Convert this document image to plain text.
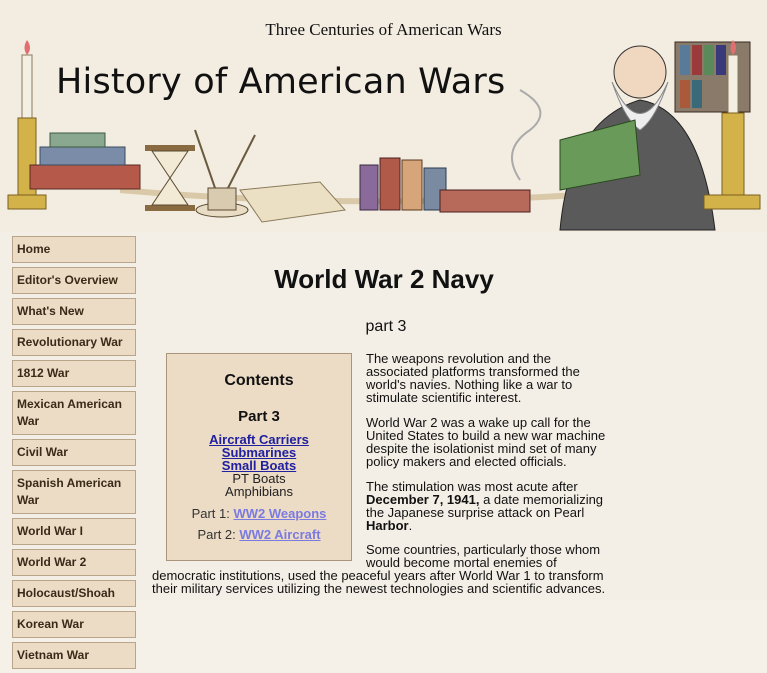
Three Centuries of American Wars
History of American Wars
Home
Editor's Overview
What's New
Revolutionary War
1812 War
Mexican American War
Civil War
Spanish American War
World War I
World War 2
Holocaust/Shoah
Korean War
Vietnam War
World War 2 Navy
part 3
Contents
Part 3
Aircraft Carriers
Submarines
Small Boats
PT Boats
Amphibians
Part 1: WW2 Weapons
Part 2: WW2 Aircraft

The weapons revolution and the associated platforms transformed the world's navies. Nothing like a war to stimulate scientific interest.

World War 2 was a wake up call for the United States to build a new war machine despite the isolationist mind set of many policy makers and elected officials.

The stimulation was most acute after December 7, 1941, a date memorializing the Japanese surprise attack on Pearl Harbor.

Some countries, particularly those whom would become mortal enemies of

democratic institutions, used the peaceful years after World War 1 to transform their military services utilizing the newest technologies and scientific advances.
